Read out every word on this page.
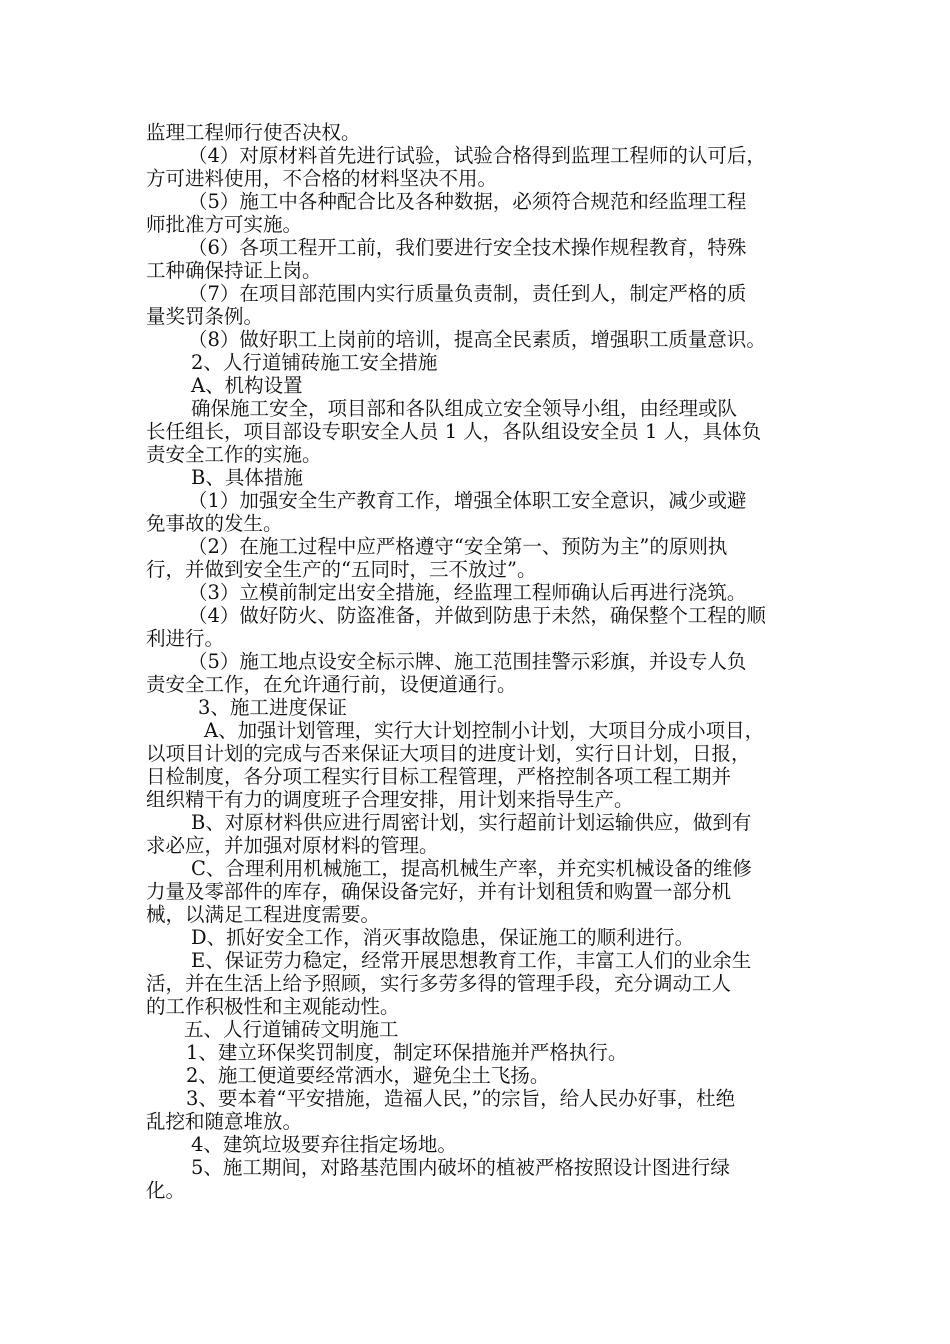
监理工程师行使否决权。

（4）对原材料首先进行试验，试验合格得到监理工程师的认可后，

方可进料使用，不合格的材料坚决不用。

（5）施工中各种配合比及各种数据，必须符合规范和经监理工程

师批准方可实施。

（6）各项工程开工前，我们要进行安全技术操作规程教育，特殊

工种确保持证上岗。

（7）在项目部范围内实行质量负责制，责任到人，制定严格的质

量奖罚条例。

（8）做好职工上岗前的培训，提高全民素质，增强职工质量意识。

2、人行道铺砖施工安全措施

A、机构设置

确保施工安全，项目部和各队组成立安全领导小组，由经理或队

长任组长，项目部设专职安全人员 1 人，各队组设安全员 1 人，具体负

责安全工作的实施。

B、具体措施

（1）加强安全生产教育工作，增强全体职工安全意识，减少或避

免事故的发生。

（2）在施工过程中应严格遵守“安全第一、预防为主”的原则执

行，并做到安全生产的“五同时，三不放过”。

（3）立模前制定出安全措施，经监理工程师确认后再进行浇筑。

（4）做好防火、防盗准备，并做到防患于未然，确保整个工程的顺

利进行。

（5）施工地点设安全标示牌、施工范围挂警示彩旗，并设专人负

责安全工作，在允许通行前，设便道通行。

3、施工进度保证

A、加强计划管理，实行大计划控制小计划，大项目分成小项目，

以项目计划的完成与否来保证大项目的进度计划，实行日计划，日报，

日检制度，各分项工程实行目标工程管理，严格控制各项工程工期并

组织精干有力的调度班子合理安排，用计划来指导生产。

B、对原材料供应进行周密计划，实行超前计划运输供应，做到有

求必应，并加强对原材料的管理。

C、合理利用机械施工，提高机械生产率，并充实机械设备的维修

力量及零部件的库存，确保设备完好，并有计划租赁和购置一部分机

械，以满足工程进度需要。

D、抓好安全工作，消灭事故隐患，保证施工的顺利进行。

E、保证劳力稳定，经常开展思想教育工作，丰富工人们的业余生

活，并在生活上给予照顾，实行多劳多得的管理手段，充分调动工人

的工作积极性和主观能动性。

五、人行道铺砖文明施工

1、建立环保奖罚制度，制定环保措施并严格执行。

2、施工便道要经常洒水，避免尘土飞扬。

3、要本着“平安措施，造福人民，”的宗旨，给人民办好事，杜绝

乱挖和随意堆放。

4、建筑垃圾要弃往指定场地。

5、施工期间，对路基范围内破坏的植被严格按照设计图进行绿

化。
